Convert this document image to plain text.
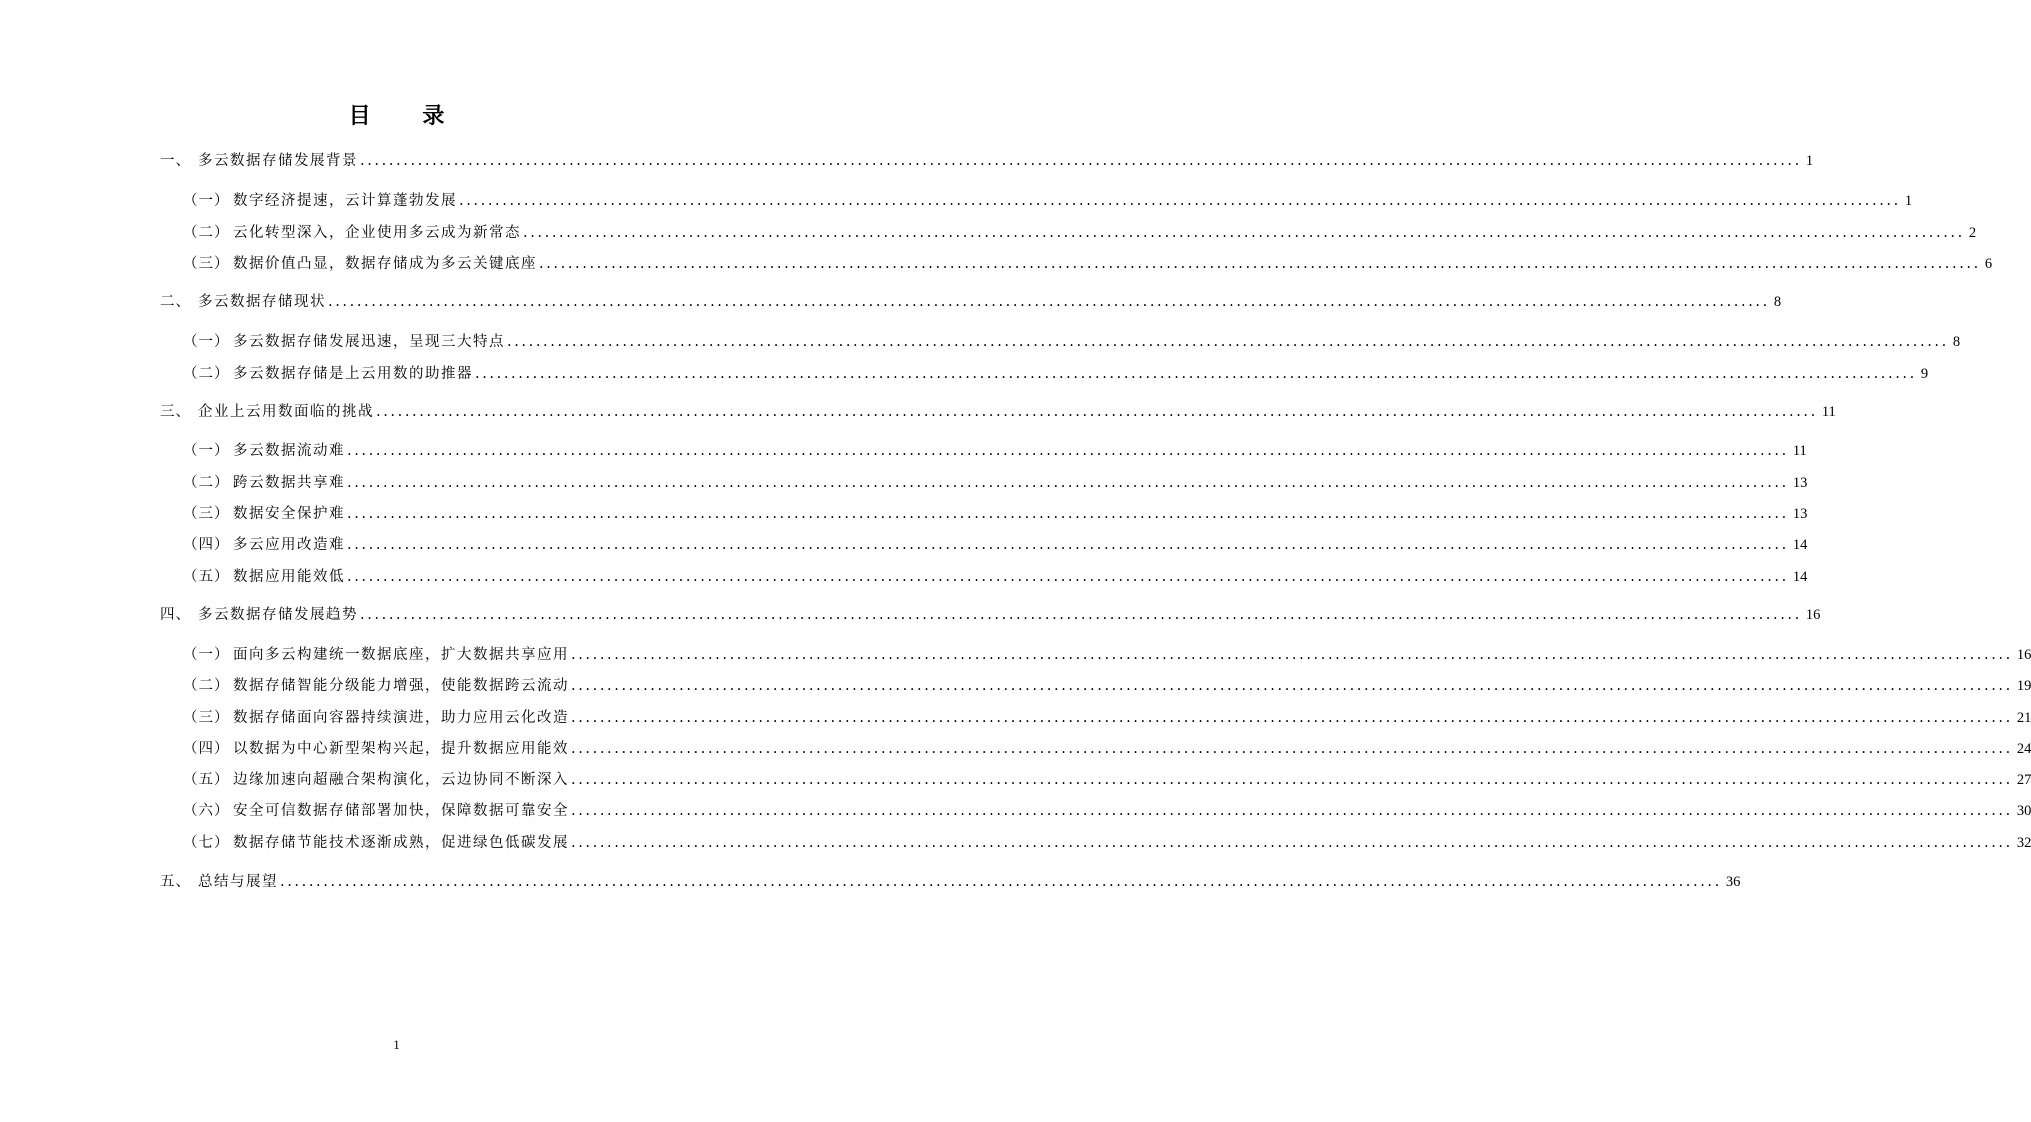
目 录
一、 多云数据存储发展背景 ........................................................................................................................................................................................................ 1
（一） 数字经济提速，云计算蓬勃发展 ........................................................................................................................................................................................................ 1
（二） 云化转型深入，企业使用多云成为新常态 ........................................................................................................................................................................................................ 2
（三） 数据价值凸显，数据存储成为多云关键底座 ........................................................................................................................................................................................................ 6
二、 多云数据存储现状 ........................................................................................................................................................................................................ 8
（一） 多云数据存储发展迅速，呈现三大特点 ........................................................................................................................................................................................................ 8
（二） 多云数据存储是上云用数的助推器 ........................................................................................................................................................................................................ 9
三、 企业上云用数面临的挑战 ........................................................................................................................................................................................................ 11
（一） 多云数据流动难 ........................................................................................................................................................................................................ 11
（二） 跨云数据共享难 ........................................................................................................................................................................................................ 13
（三） 数据安全保护难 ........................................................................................................................................................................................................ 13
（四） 多云应用改造难 ........................................................................................................................................................................................................ 14
（五） 数据应用能效低 ........................................................................................................................................................................................................ 14
四、 多云数据存储发展趋势 ........................................................................................................................................................................................................ 16
（一） 面向多云构建统一数据底座，扩大数据共享应用 ........................................................................................................................................................................................................ 16
（二） 数据存储智能分级能力增强，使能数据跨云流动 ........................................................................................................................................................................................................ 19
（三） 数据存储面向容器持续演进，助力应用云化改造 ........................................................................................................................................................................................................ 21
（四） 以数据为中心新型架构兴起，提升数据应用能效 ........................................................................................................................................................................................................ 24
（五） 边缘加速向超融合架构演化，云边协同不断深入 ........................................................................................................................................................................................................ 27
（六） 安全可信数据存储部署加快，保障数据可靠安全 ........................................................................................................................................................................................................ 30
（七） 数据存储节能技术逐渐成熟，促进绿色低碳发展 ........................................................................................................................................................................................................ 32
五、 总结与展望 ........................................................................................................................................................................................................ 36
1
